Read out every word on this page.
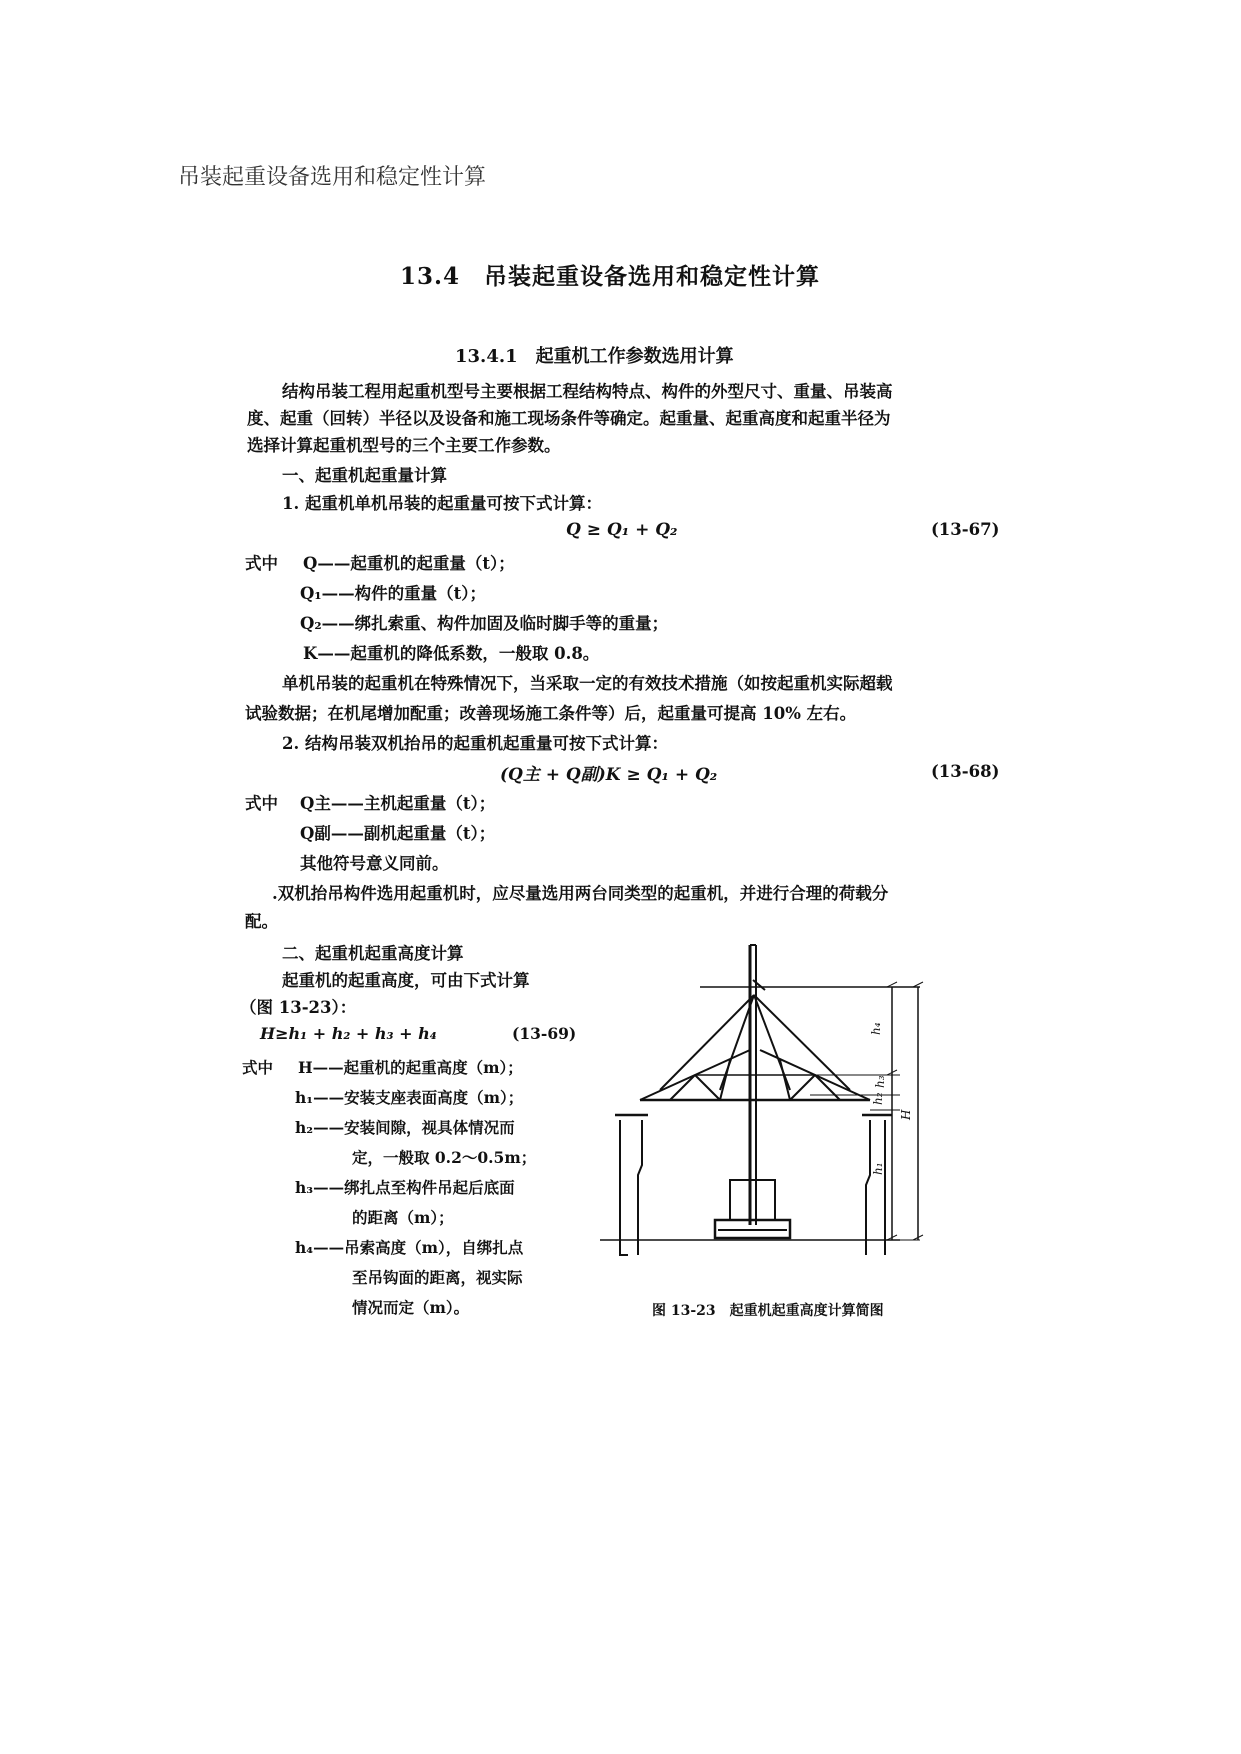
吊装起重设备选用和稳定性计算
13.4　吊装起重设备选用和稳定性计算
13.4.1　起重机工作参数选用计算
结构吊装工程用起重机型号主要根据工程结构特点、构件的外型尺寸、重量、吊装高
度、起重（回转）半径以及设备和施工现场条件等确定。起重量、起重高度和起重半径为
选择计算起重机型号的三个主要工作参数。
一、起重机起重量计算
1. 起重机单机吊装的起重量可按下式计算：
Q ≥ Q₁ + Q₂	(13-67)
式中 Q——起重机的起重量（t）；
Q₁——构件的重量（t）；
Q₂——绑扎索重、构件加固及临时脚手等的重量；
K——起重机的降低系数，一般取 0.8。
单机吊装的起重机在特殊情况下，当采取一定的有效技术措施（如按起重机实际超载
试验数据；在机尾增加配重；改善现场施工条件等）后，起重量可提高 10% 左右。
2. 结构吊装双机抬吊的起重机起重量可按下式计算：
(Q主 + Q副)K ≥ Q₁ + Q₂	(13-68)
式中 Q主——主机起重量（t）；
Q副——副机起重量（t）；
其他符号意义同前。
.双机抬吊构件选用起重机时，应尽量选用两台同类型的起重机，并进行合理的荷载分
配。
二、起重机起重高度计算
起重机的起重高度，可由下式计算
（图 13-23）：
H≥h₁ + h₂ + h₃ + h₄	(13-69)
式中 H——起重机的起重高度（m）；
h₁——安装支座表面高度（m）；
h₂——安装间隙，视具体情况而
定，一般取 0.2～0.5m；
h₃——绑扎点至构件吊起后底面
的距离（m）；
h₄——吊索高度（m），自绑扎点
至吊钩面的距离，视实际
情况而定（m）。
h₄
h₃
h₂
h₁
H
图 13-23　起重机起重高度计算简图
